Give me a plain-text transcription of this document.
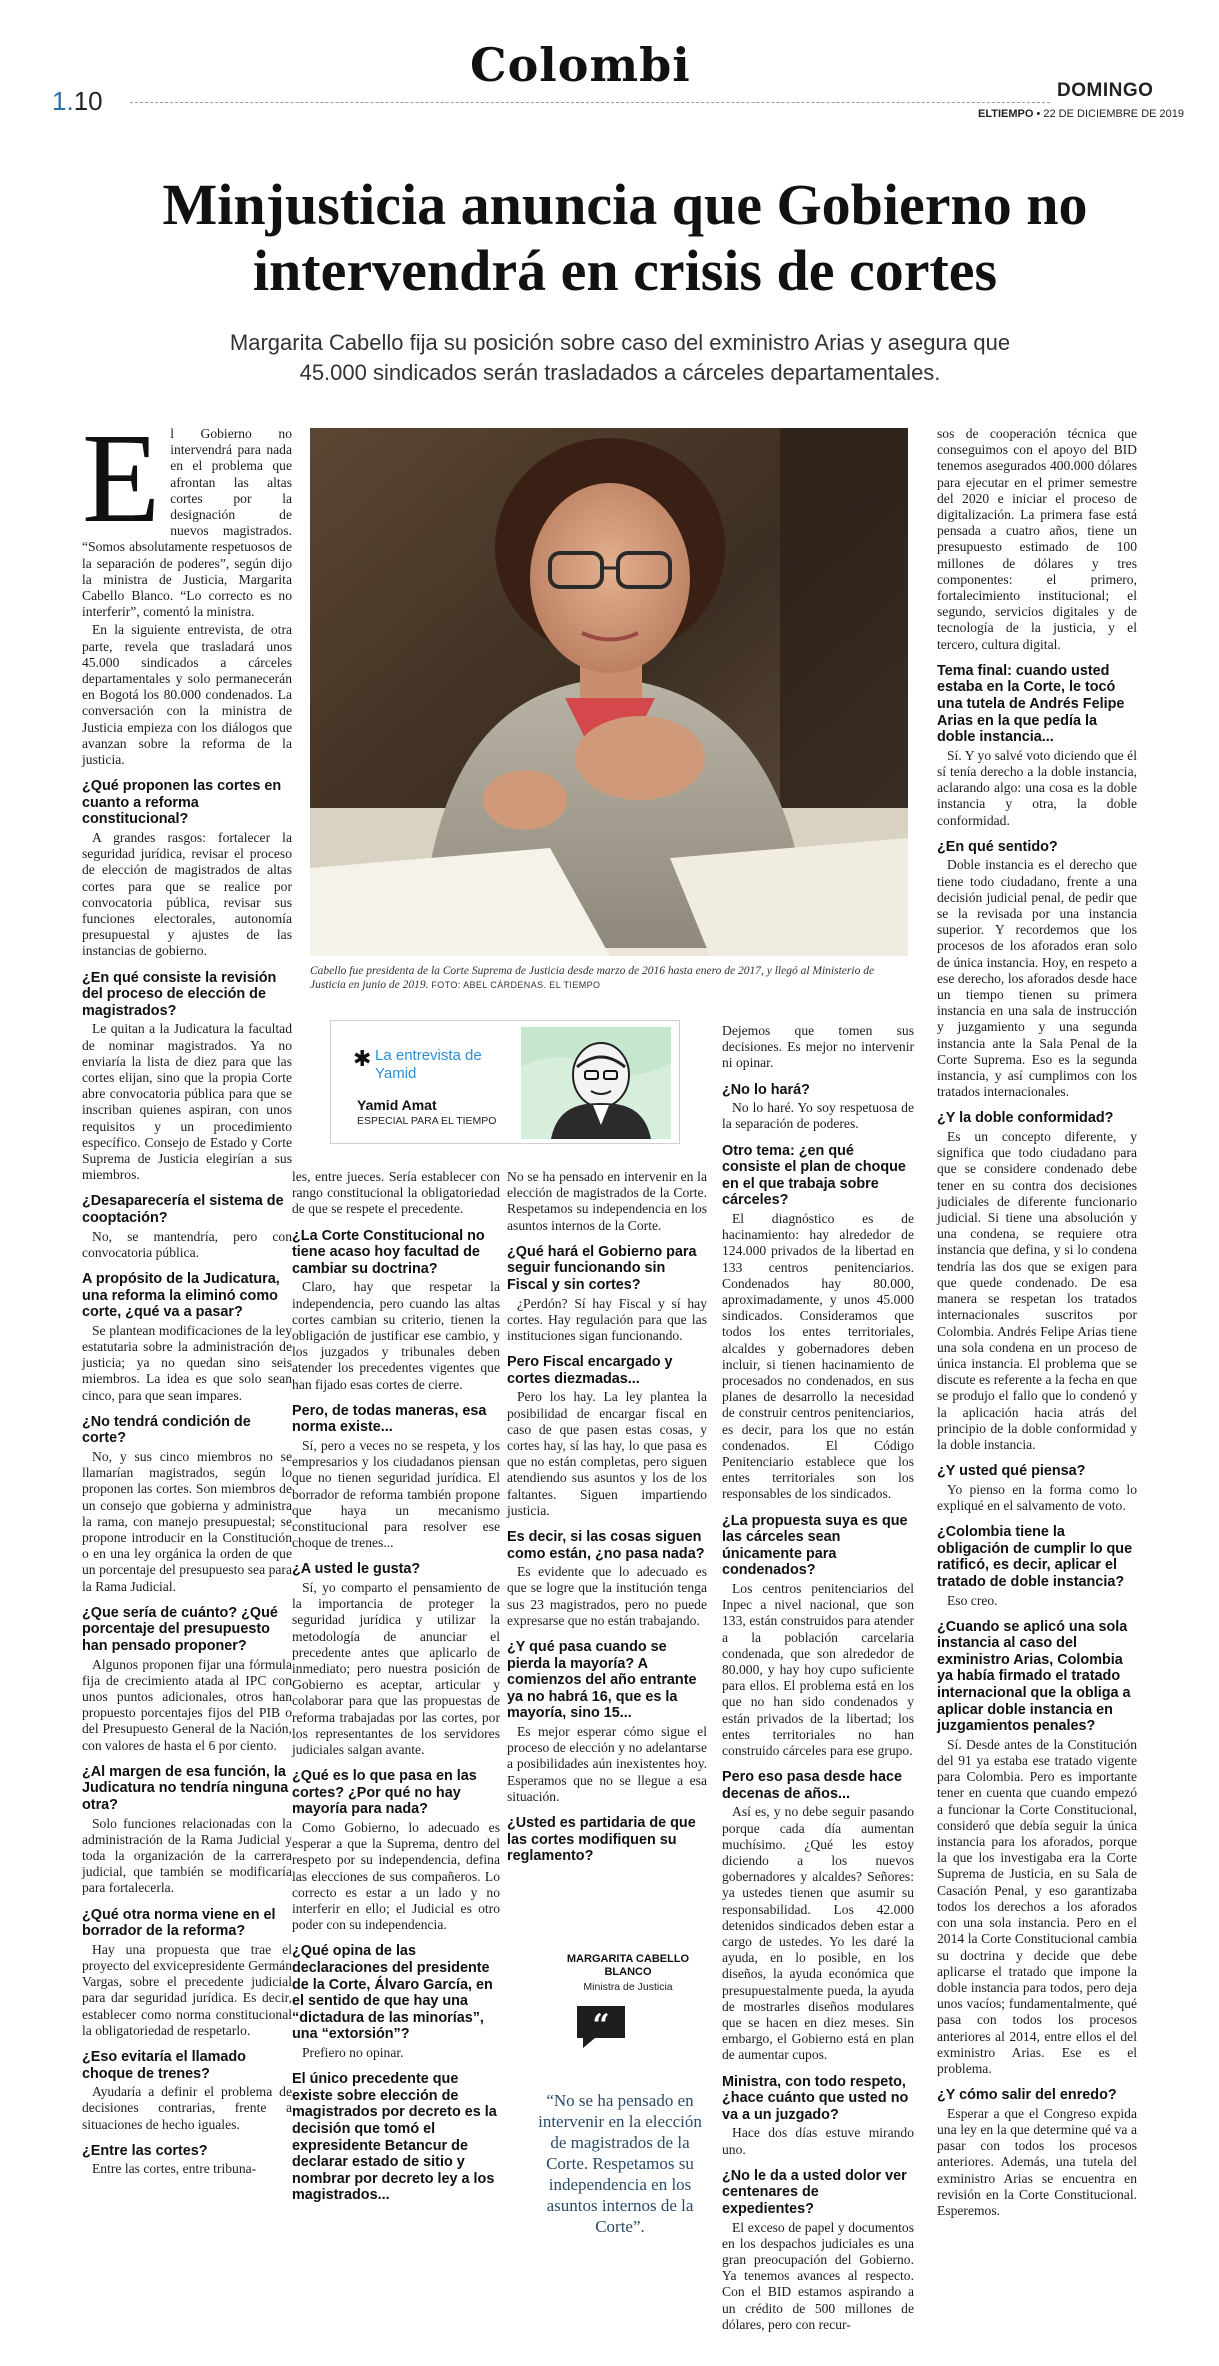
Colombi
1.10	DOMINGO
ELTIEMPO • 22 DE DICIEMBRE DE 2019
Minjusticia anuncia que Gobierno no intervendrá en crisis de cortes
Margarita Cabello fija su posición sobre caso del exministro Arias y asegura que 45.000 sindicados serán trasladados a cárceles departamentales.
E l Gobierno no intervendrá para nada en el problema que afrontan las altas cortes por la designación de nuevos magistrados. “Somos absolutamente respetuosos de la separación de poderes”, según dijo la ministra de Justicia, Margarita Cabello Blanco. “Lo correcto es no interferir”, comentó la ministra.

En la siguiente entrevista, de otra parte, revela que trasladará unos 45.000 sindicados a cárceles departamentales y solo permanecerán en Bogotá los 80.000 condenados. La conversación con la ministra de Justicia empieza con los diálogos que avanzan sobre la reforma de la justicia.

¿Qué proponen las cortes en cuanto a reforma constitucional?

A grandes rasgos: fortalecer la seguridad jurídica, revisar el proceso de elección de magistrados de altas cortes para que se realice por convocatoria pública, revisar sus funciones electorales, autonomía presupuestal y ajustes de las instancias de gobierno.

¿En qué consiste la revisión del proceso de elección de magistrados?

Le quitan a la Judicatura la facultad de nominar magistrados. Ya no enviaría la lista de diez para que las cortes elijan, sino que la propia Corte abre convocatoria pública para que se inscriban quienes aspiran, con unos requisitos y un procedimiento específico. Consejo de Estado y Corte Suprema de Justicia elegirían a sus miembros.

¿Desaparecería el sistema de cooptación?

No, se mantendría, pero con convocatoria pública.

A propósito de la Judicatura, una reforma la eliminó como corte, ¿qué va a pasar?

Se plantean modificaciones de la ley estatutaria sobre la administración de justicia; ya no quedan sino seis miembros. La idea es que solo sean cinco, para que sean impares.

¿No tendrá condición de corte?

No, y sus cinco miembros no se llamarían magistrados, según lo proponen las cortes. Son miembros de un consejo que gobierna y administra la rama, con manejo presupuestal; se propone introducir en la Constitución o en una ley orgánica la orden de que un porcentaje del presupuesto sea para la Rama Judicial.

¿Que sería de cuánto? ¿Qué porcentaje del presupuesto han pensado proponer?

Algunos proponen fijar una fórmula fija de crecimiento atada al IPC con unos puntos adicionales, otros han propuesto porcentajes fijos del PIB o del Presupuesto General de la Nación, con valores de hasta el 6 por ciento.

¿Al margen de esa función, la Judicatura no tendría ninguna otra?

Solo funciones relacionadas con la administración de la Rama Judicial y toda la organización de la carrera judicial, que también se modificaría para fortalecerla.

¿Qué otra norma viene en el borrador de la reforma?

Hay una propuesta que trae el proyecto del exvicepresidente Germán Vargas, sobre el precedente judicial para dar seguridad jurídica. Es decir, establecer como norma constitucional la obligatoriedad de respetarlo.

¿Eso evitaría el llamado choque de trenes?

Ayudaría a definir el problema de decisiones contrarias, frente a situaciones de hecho iguales.

¿Entre las cortes?

Entre las cortes, entre tribuna-

Cabello fue presidenta de la Corte Suprema de Justicia desde marzo de 2016 hasta enero de 2017, y llegó al Ministerio de Justicia en junio de 2019. FOTO: ABEL CÁRDENAS. EL TIEMPO
✱ La entrevista de Yamid
Yamid Amat
ESPECIAL PARA EL TIEMPO

les, entre jueces. Sería establecer con rango constitucional la obligatoriedad de que se respete el precedente.

¿La Corte Constitucional no tiene acaso hoy facultad de cambiar su doctrina?

Claro, hay que respetar la independencia, pero cuando las altas cortes cambian su criterio, tienen la obligación de justificar ese cambio, y los juzgados y tribunales deben atender los precedentes vigentes que han fijado esas cortes de cierre.

Pero, de todas maneras, esa norma existe...

Sí, pero a veces no se respeta, y los empresarios y los ciudadanos piensan que no tienen seguridad jurídica. El borrador de reforma también propone que haya un mecanismo constitucional para resolver ese choque de trenes...

¿A usted le gusta?

Sí, yo comparto el pensamiento de la importancia de proteger la seguridad jurídica y utilizar la metodología de anunciar el precedente antes que aplicarlo de inmediato; pero nuestra posición de Gobierno es aceptar, articular y colaborar para que las propuestas de reforma trabajadas por las cortes, por los representantes de los servidores judiciales salgan avante.

¿Qué es lo que pasa en las cortes? ¿Por qué no hay mayoría para nada?

Como Gobierno, lo adecuado es esperar a que la Suprema, dentro del respeto por su independencia, defina las elecciones de sus compañeros. Lo correcto es estar a un lado y no interferir en ello; el Judicial es otro poder con su independencia.

¿Qué opina de las declaraciones del presidente de la Corte, Álvaro García, en el sentido de que hay una “dictadura de las minorías”, una “extorsión”?

Prefiero no opinar.

El único precedente que existe sobre elección de magistrados por decreto es la decisión que tomó el expresidente Betancur de declarar estado de sitio y nombrar por decreto ley a los magistrados...

No se ha pensado en intervenir en la elección de magistrados de la Corte. Respetamos su independencia en los asuntos internos de la Corte.

¿Qué hará el Gobierno para seguir funcionando sin Fiscal y sin cortes?

¿Perdón? Sí hay Fiscal y sí hay cortes. Hay regulación para que las instituciones sigan funcionando.

Pero Fiscal encargado y cortes diezmadas...

Pero los hay. La ley plantea la posibilidad de encargar fiscal en caso de que pasen estas cosas, y cortes hay, sí las hay, lo que pasa es que no están completas, pero siguen atendiendo sus asuntos y los de los faltantes. Siguen impartiendo justicia.

Es decir, si las cosas siguen como están, ¿no pasa nada?

Es evidente que lo adecuado es que se logre que la institución tenga sus 23 magistrados, pero no puede expresarse que no están trabajando.

¿Y qué pasa cuando se pierda la mayoría? A comienzos del año entrante ya no habrá 16, que es la mayoría, sino 15...

Es mejor esperar cómo sigue el proceso de elección y no adelantarse a posibilidades aún inexistentes hoy. Esperamos que no se llegue a esa situación.

¿Usted es partidaria de que las cortes modifiquen su reglamento?
MARGARITA CABELLO BLANCO
Ministra de Justicia
“
“No se ha pensado en intervenir en la elección de magistrados de la Corte. Respetamos su independencia en los asuntos internos de la Corte”.

Dejemos que tomen sus decisiones. Es mejor no intervenir ni opinar.

¿No lo hará?

No lo haré. Yo soy respetuosa de la separación de poderes.

Otro tema: ¿en qué consiste el plan de choque en el que trabaja sobre cárceles?

El diagnóstico es de hacinamiento: hay alrededor de 124.000 privados de la libertad en 133 centros penitenciarios. Condenados hay 80.000, aproximadamente, y unos 45.000 sindicados. Consideramos que todos los entes territoriales, alcaldes y gobernadores deben incluir, si tienen hacinamiento de procesados no condenados, en sus planes de desarrollo la necesidad de construir centros penitenciarios, es decir, para los que no están condenados. El Código Penitenciario establece que los entes territoriales son los responsables de los sindicados.

¿La propuesta suya es que las cárceles sean únicamente para condenados?

Los centros penitenciarios del Inpec a nivel nacional, que son 133, están construidos para atender a la población carcelaria condenada, que son alrededor de 80.000, y hay hoy cupo suficiente para ellos. El problema está en los que no han sido condenados y están privados de la libertad; los entes territoriales no han construido cárceles para ese grupo.

Pero eso pasa desde hace decenas de años...

Así es, y no debe seguir pasando porque cada día aumentan muchísimo. ¿Qué les estoy diciendo a los nuevos gobernadores y alcaldes? Señores: ya ustedes tienen que asumir su responsabilidad. Los 42.000 detenidos sindicados deben estar a cargo de ustedes. Yo les daré la ayuda, en lo posible, en los diseños, la ayuda económica que presupuestalmente pueda, la ayuda de mostrarles diseños modulares que se hacen en diez meses. Sin embargo, el Gobierno está en plan de aumentar cupos.

Ministra, con todo respeto, ¿hace cuánto que usted no va a un juzgado?

Hace dos días estuve mirando uno.

¿No le da a usted dolor ver centenares de expedientes?

El exceso de papel y documentos en los despachos judiciales es una gran preocupación del Gobierno. Ya tenemos avances al respecto. Con el BID estamos aspirando a un crédito de 500 millones de dólares, pero con recur-

sos de cooperación técnica que conseguimos con el apoyo del BID tenemos asegurados 400.000 dólares para ejecutar en el primer semestre del 2020 e iniciar el proceso de digitalización. La primera fase está pensada a cuatro años, tiene un presupuesto estimado de 100 millones de dólares y tres componentes: el primero, fortalecimiento institucional; el segundo, servicios digitales y de tecnología de la justicia, y el tercero, cultura digital.

Tema final: cuando usted estaba en la Corte, le tocó una tutela de Andrés Felipe Arias en la que pedía la doble instancia...

Sí. Y yo salvé voto diciendo que él sí tenía derecho a la doble instancia, aclarando algo: una cosa es la doble instancia y otra, la doble conformidad.

¿En qué sentido?

Doble instancia es el derecho que tiene todo ciudadano, frente a una decisión judicial penal, de pedir que se la revisada por una instancia superior. Y recordemos que los procesos de los aforados eran solo de única instancia. Hoy, en respeto a ese derecho, los aforados desde hace un tiempo tienen su primera instancia en una sala de instrucción y juzgamiento y una segunda instancia ante la Sala Penal de la Corte Suprema. Eso es la segunda instancia, y así cumplimos con los tratados internacionales.

¿Y la doble conformidad?

Es un concepto diferente, y significa que todo ciudadano para que se considere condenado debe tener en su contra dos decisiones judiciales de diferente funcionario judicial. Si tiene una absolución y una condena, se requiere otra instancia que defina, y si lo condena tendría las dos que se exigen para que quede condenado. De esa manera se respetan los tratados internacionales suscritos por Colombia. Andrés Felipe Arias tiene una sola condena en un proceso de única instancia. El problema que se discute es referente a la fecha en que se produjo el fallo que lo condenó y la aplicación hacia atrás del principio de la doble conformidad y la doble instancia.

¿Y usted qué piensa?

Yo pienso en la forma como lo expliqué en el salvamento de voto.

¿Colombia tiene la obligación de cumplir lo que ratificó, es decir, aplicar el tratado de doble instancia?

Eso creo.

¿Cuando se aplicó una sola instancia al caso del exministro Arias, Colombia ya había firmado el tratado internacional que la obliga a aplicar doble instancia en juzgamientos penales?

Sí. Desde antes de la Constitución del 91 ya estaba ese tratado vigente para Colombia. Pero es importante tener en cuenta que cuando empezó a funcionar la Corte Constitucional, consideró que debía seguir la única instancia para los aforados, porque la que los investigaba era la Corte Suprema de Justicia, en su Sala de Casación Penal, y eso garantizaba todos los derechos a los aforados con una sola instancia. Pero en el 2014 la Corte Constitucional cambia su doctrina y decide que debe aplicarse el tratado que impone la doble instancia para todos, pero deja unos vacíos; fundamentalmente, qué pasa con todos los procesos anteriores al 2014, entre ellos el del exministro Arias. Ese es el problema.

¿Y cómo salir del enredo?

Esperar a que el Congreso expida una ley en la que determine qué va a pasar con todos los procesos anteriores. Además, una tutela del exministro Arias se encuentra en revisión en la Corte Constitucional. Esperemos.
